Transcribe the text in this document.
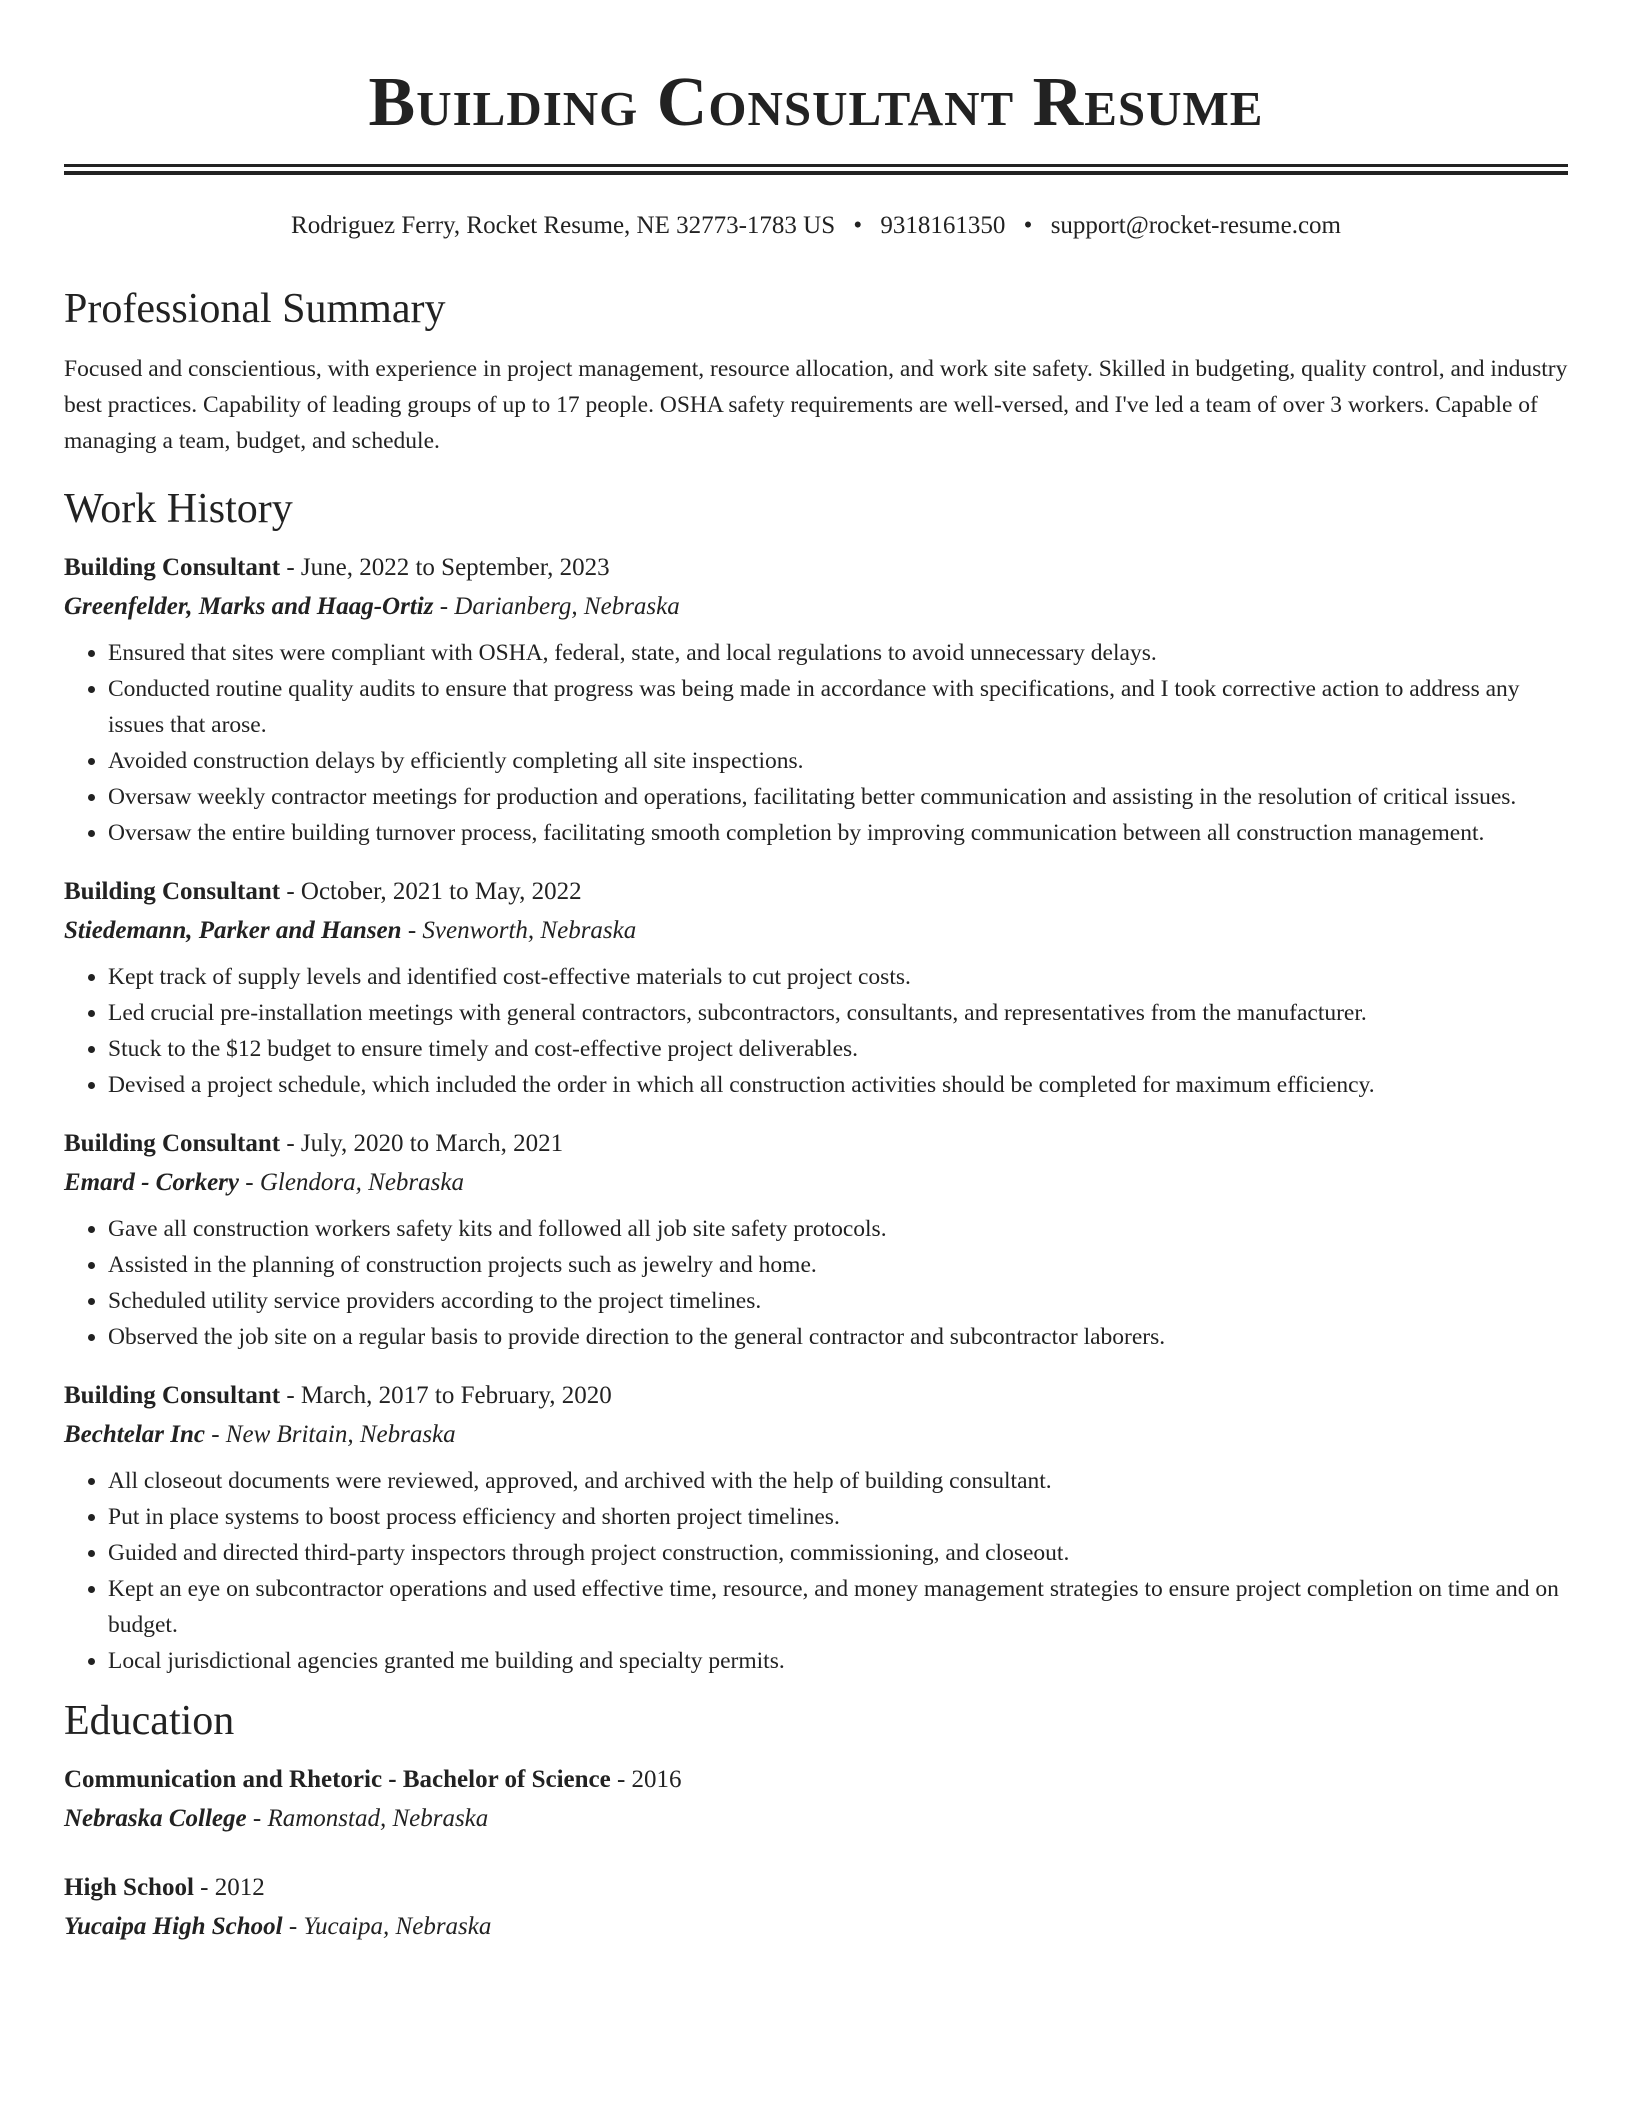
Building Consultant Resume
Rodriguez Ferry, Rocket Resume, NE 32773-1783 US • 9318161350 • support@rocket-resume.com
Professional Summary
Focused and conscientious, with experience in project management, resource allocation, and work site safety. Skilled in budgeting, quality control, and industry best practices. Capability of leading groups of up to 17 people. OSHA safety requirements are well-versed, and I've led a team of over 3 workers. Capable of managing a team, budget, and schedule.
Work History
Building Consultant - June, 2022 to September, 2023
Greenfelder, Marks and Haag-Ortiz - Darianberg, Nebraska
• Ensured that sites were compliant with OSHA, federal, state, and local regulations to avoid unnecessary delays.
• Conducted routine quality audits to ensure that progress was being made in accordance with specifications, and I took corrective action to address any issues that arose.
• Avoided construction delays by efficiently completing all site inspections.
• Oversaw weekly contractor meetings for production and operations, facilitating better communication and assisting in the resolution of critical issues.
• Oversaw the entire building turnover process, facilitating smooth completion by improving communication between all construction management.
Building Consultant - October, 2021 to May, 2022
Stiedemann, Parker and Hansen - Svenworth, Nebraska
• Kept track of supply levels and identified cost-effective materials to cut project costs.
• Led crucial pre-installation meetings with general contractors, subcontractors, consultants, and representatives from the manufacturer.
• Stuck to the $12 budget to ensure timely and cost-effective project deliverables.
• Devised a project schedule, which included the order in which all construction activities should be completed for maximum efficiency.
Building Consultant - July, 2020 to March, 2021
Emard - Corkery - Glendora, Nebraska
• Gave all construction workers safety kits and followed all job site safety protocols.
• Assisted in the planning of construction projects such as jewelry and home.
• Scheduled utility service providers according to the project timelines.
• Observed the job site on a regular basis to provide direction to the general contractor and subcontractor laborers.
Building Consultant - March, 2017 to February, 2020
Bechtelar Inc - New Britain, Nebraska
• All closeout documents were reviewed, approved, and archived with the help of building consultant.
• Put in place systems to boost process efficiency and shorten project timelines.
• Guided and directed third-party inspectors through project construction, commissioning, and closeout.
• Kept an eye on subcontractor operations and used effective time, resource, and money management strategies to ensure project completion on time and on budget.
• Local jurisdictional agencies granted me building and specialty permits.
Education
Communication and Rhetoric - Bachelor of Science - 2016
Nebraska College - Ramonstad, Nebraska
High School - 2012
Yucaipa High School - Yucaipa, Nebraska
